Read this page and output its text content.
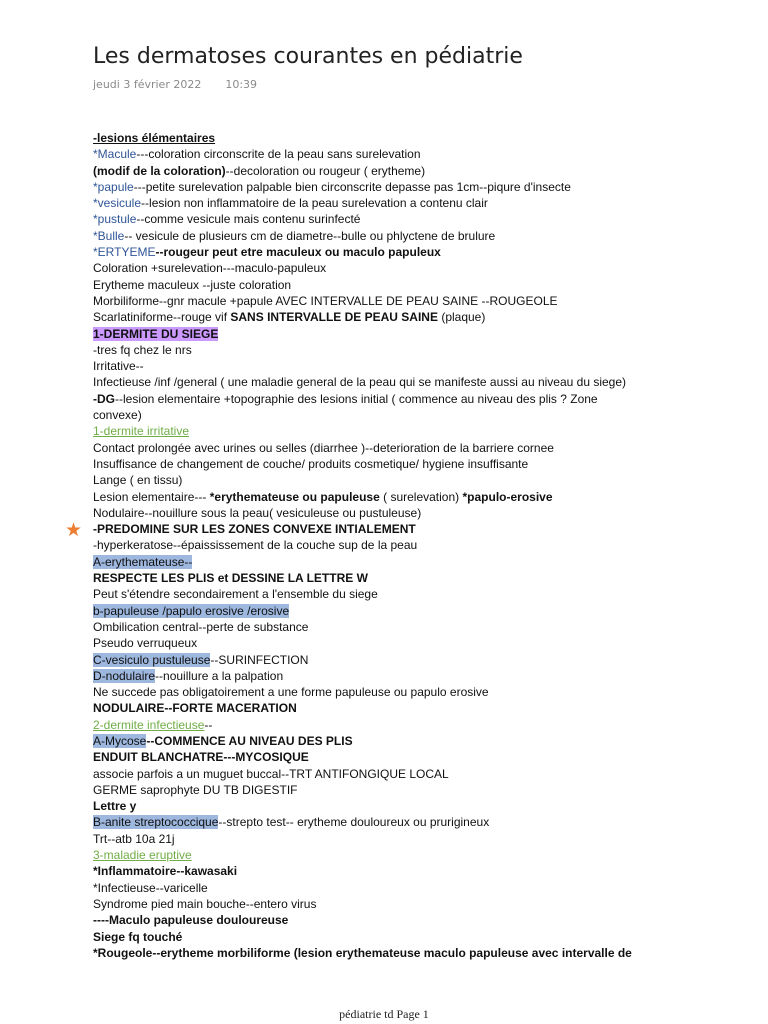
Les dermatoses courantes en pédiatrie
jeudi 3 février 2022 10:39
★
-lesions élémentaires
*Macule---coloration circonscrite de la peau sans surelevation
(modif de la coloration)--decoloration ou rougeur ( erytheme)
*papule---petite surelevation palpable bien circonscrite depasse pas 1cm--piqure d'insecte
*vesicule--lesion non inflammatoire de la peau surelevation a contenu clair
*pustule--comme vesicule mais contenu surinfecté
*Bulle-- vesicule de plusieurs cm de diametre--bulle ou phlyctene de brulure
*ERTYEME--rougeur peut etre maculeux ou maculo papuleux
Coloration +surelevation---maculo-papuleux
Erytheme maculeux --juste coloration
Morbiliforme--gnr macule +papule AVEC INTERVALLE DE PEAU SAINE --ROUGEOLE
Scarlatiniforme--rouge vif SANS INTERVALLE DE PEAU SAINE (plaque)
1-DERMITE DU SIEGE
-tres fq chez le nrs
Irritative--
Infectieuse /inf /general ( une maladie general de la peau qui se manifeste aussi au niveau du siege)
-DG--lesion elementaire +topographie des lesions initial ( commence au niveau des plis ? Zone
convexe)
1-dermite irritative
Contact prolongée avec urines ou selles (diarrhee )--deterioration de la barriere cornee
Insuffisance de changement de couche/ produits cosmetique/ hygiene insuffisante
Lange ( en tissu)
Lesion elementaire--- *erythemateuse ou papuleuse ( surelevation) *papulo-erosive
Nodulaire--nouillure sous la peau( vesiculeuse ou pustuleuse)
-PREDOMINE SUR LES ZONES CONVEXE INTIALEMENT
-hyperkeratose--épaississement de la couche sup de la peau
A-erythemateuse--
RESPECTE LES PLIS et DESSINE LA LETTRE W
Peut s'étendre secondairement a l'ensemble du siege
b-papuleuse /papulo erosive /erosive
Ombilication central--perte de substance
Pseudo verruqueux
C-vesiculo pustuleuse--SURINFECTION
D-nodulaire--nouillure a la palpation
Ne succede pas obligatoirement a une forme papuleuse ou papulo erosive
NODULAIRE--FORTE MACERATION
2-dermite infectieuse--
A-Mycose--COMMENCE AU NIVEAU DES PLIS
ENDUIT BLANCHATRE---MYCOSIQUE
associe parfois a un muguet buccal--TRT ANTIFONGIQUE LOCAL
GERME saprophyte DU TB DIGESTIF
Lettre y
B-anite streptococcique--strepto test-- erytheme douloureux ou prurigineux
Trt--atb 10a 21j
3-maladie eruptive
*Inflammatoire--kawasaki
*Infectieuse--varicelle
Syndrome pied main bouche--entero virus
----Maculo papuleuse douloureuse
Siege fq touché
*Rougeole--erytheme morbiliforme (lesion erythemateuse maculo papuleuse avec intervalle de
pédiatrie td Page 1
